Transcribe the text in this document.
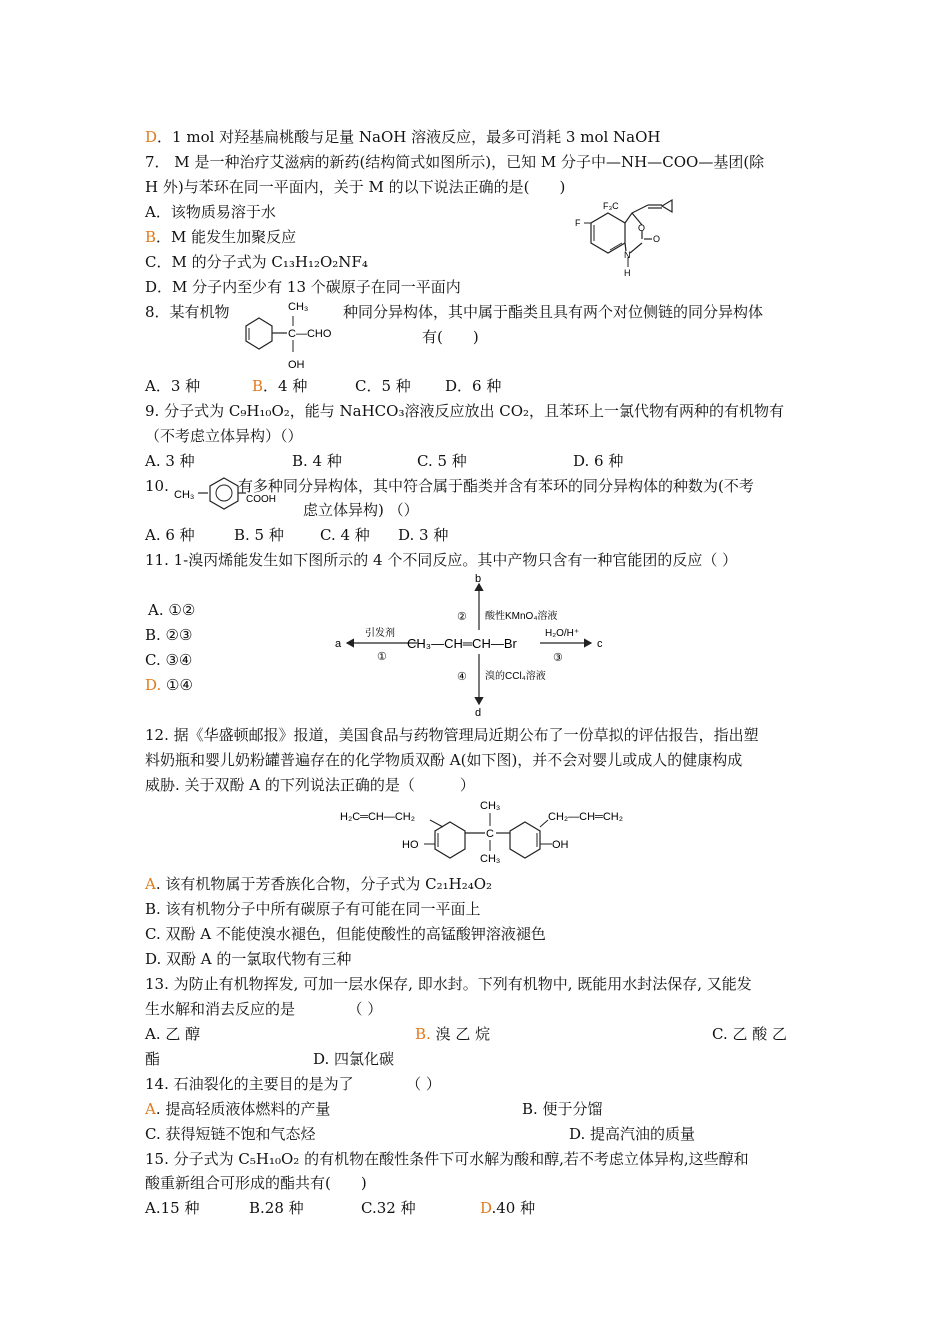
D．1 mol 对羟基扁桃酸与足量 NaOH 溶液反应，最多可消耗 3 mol NaOH
7． M 是一种治疗艾滋病的新药(结构简式如图所示)，已知 M 分子中—NH—COO—基团(除
H 外)与苯环在同一平面内，关于 M 的以下说法正确的是(　　)
A．该物质易溶于水
B．M 能发生加聚反应
C．M 的分子式为 C₁₃H₁₂O₂NF₄
D．M 分子内至少有 13 个碳原子在同一平面内
F₃C
F	O
O
N
H
8．某有机物	种同分异构体，其中属于酯类且具有两个对位侧链的同分异构体
有(　　)
CH₃
C—CHO
OH
A．3 种	B．4 种	C．5 种 D．6 种
9. 分子式为 C₉H₁₀O₂，能与 NaHCO₃溶液反应放出 CO₂，且苯环上一氯代物有两种的有机物有
（不考虑立体异构）（）
A. 3 种	B. 4 种	C. 5 种	D. 6 种
10. CH₃	COOH
有多种同分异构体，其中符合属于酯类并含有苯环的同分异构体的种数为(不考
虑立体异构) （）
A. 6 种	B. 5 种 C. 4 种 D. 3 种
11. 1-溴丙烯能发生如下图所示的 4 个不同反应。其中产物只含有一种官能团的反应（ ）
A. ①②
B. ②③
C. ③④
D. ①④
b
② 酸性KMnO₄溶液
a
引发剂
①
CH₃—CH═CH—Br	c
H₂O/H⁺
③
d
④ 溴的CCl₄溶液
12. 据《华盛顿邮报》报道，美国食品与药物管理局近期公布了一份草拟的评估报告，指出塑
料奶瓶和婴儿奶粉罐普遍存在的化学物质双酚 A(如下图)，并不会对婴儿或成人的健康构成
威胁. 关于双酚 A 的下列说法正确的是（　　　）
H₂C═CH—CH₂
HO
C
CH₃
CH₃
CH₂—CH═CH₂
OH
A. 该有机物属于芳香族化合物，分子式为 C₂₁H₂₄O₂
B. 该有机物分子中所有碳原子有可能在同一平面上
C. 双酚 A 不能使溴水褪色，但能使酸性的高锰酸钾溶液褪色
D. 双酚 A 的一氯取代物有三种
13. 为防止有机物挥发, 可加一层水保存, 即水封。下列有机物中, 既能用水封法保存, 又能发
生水解和消去反应的是　　　　（ ）
A. 乙 醇	B. 溴 乙 烷	C. 乙 酸 乙
酯	D. 四氯化碳
14. 石油裂化的主要目的是为了　　　　（ ）
A. 提高轻质液体燃料的产量	B. 便于分馏
C. 获得短链不饱和气态烃	D. 提高汽油的质量
15. 分子式为 C₅H₁₀O₂ 的有机物在酸性条件下可水解为酸和醇,若不考虑立体异构,这些醇和
酸重新组合可形成的酯共有(　　)
A.15 种	B.28 种	C.32 种	D.40 种
